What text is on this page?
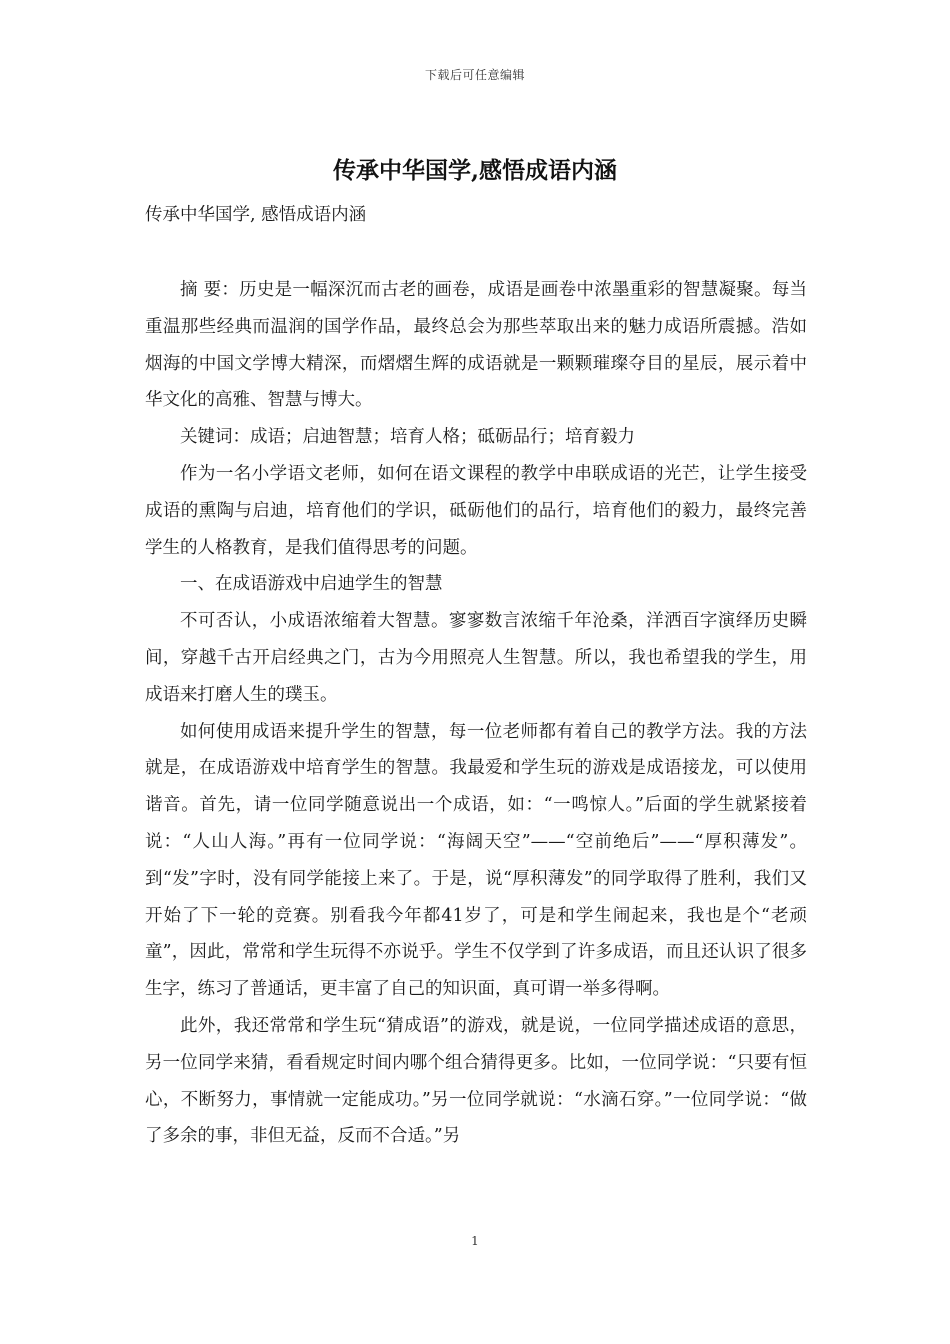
下载后可任意编辑
传承中华国学,感悟成语内涵

传承中华国学, 感悟成语内涵

摘 要：历史是一幅深沉而古老的画卷，成语是画卷中浓墨重彩的智慧凝聚。每当重温那些经典而温润的国学作品，最终总会为那些萃取出来的魅力成语所震撼。浩如烟海的中国文学博大精深，而熠熠生辉的成语就是一颗颗璀璨夺目的星辰，展示着中华文化的高雅、智慧与博大。

关键词：成语；启迪智慧；培育人格；砥砺品行；培育毅力

作为一名小学语文老师，如何在语文课程的教学中串联成语的光芒，让学生接受成语的熏陶与启迪，培育他们的学识，砥砺他们的品行，培育他们的毅力，最终完善学生的人格教育，是我们值得思考的问题。

一、在成语游戏中启迪学生的智慧

不可否认，小成语浓缩着大智慧。寥寥数言浓缩千年沧桑，洋洒百字演绎历史瞬间，穿越千古开启经典之门，古为今用照亮人生智慧。所以，我也希望我的学生，用成语来打磨人生的璞玉。

如何使用成语来提升学生的智慧，每一位老师都有着自己的教学方法。我的方法就是，在成语游戏中培育学生的智慧。我最爱和学生玩的游戏是成语接龙，可以使用谐音。首先，请一位同学随意说出一个成语，如：“一鸣惊人。”后面的学生就紧接着说：“人山人海。”再有一位同学说：“海阔天空”——“空前绝后”——“厚积薄发”。到“发”字时，没有同学能接上来了。于是，说“厚积薄发”的同学取得了胜利，我们又开始了下一轮的竞赛。别看我今年都41岁了，可是和学生闹起来，我也是个“老顽童”，因此，常常和学生玩得不亦说乎。学生不仅学到了许多成语，而且还认识了很多生字，练习了普通话，更丰富了自己的知识面，真可谓一举多得啊。

此外，我还常常和学生玩“猜成语”的游戏，就是说，一位同学描述成语的意思，另一位同学来猜，看看规定时间内哪个组合猜得更多。比如，一位同学说：“只要有恒心，不断努力，事情就一定能成功。”另一位同学就说：“水滴石穿。”一位同学说：“做了多余的事，非但无益，反而不合适。”另

1
